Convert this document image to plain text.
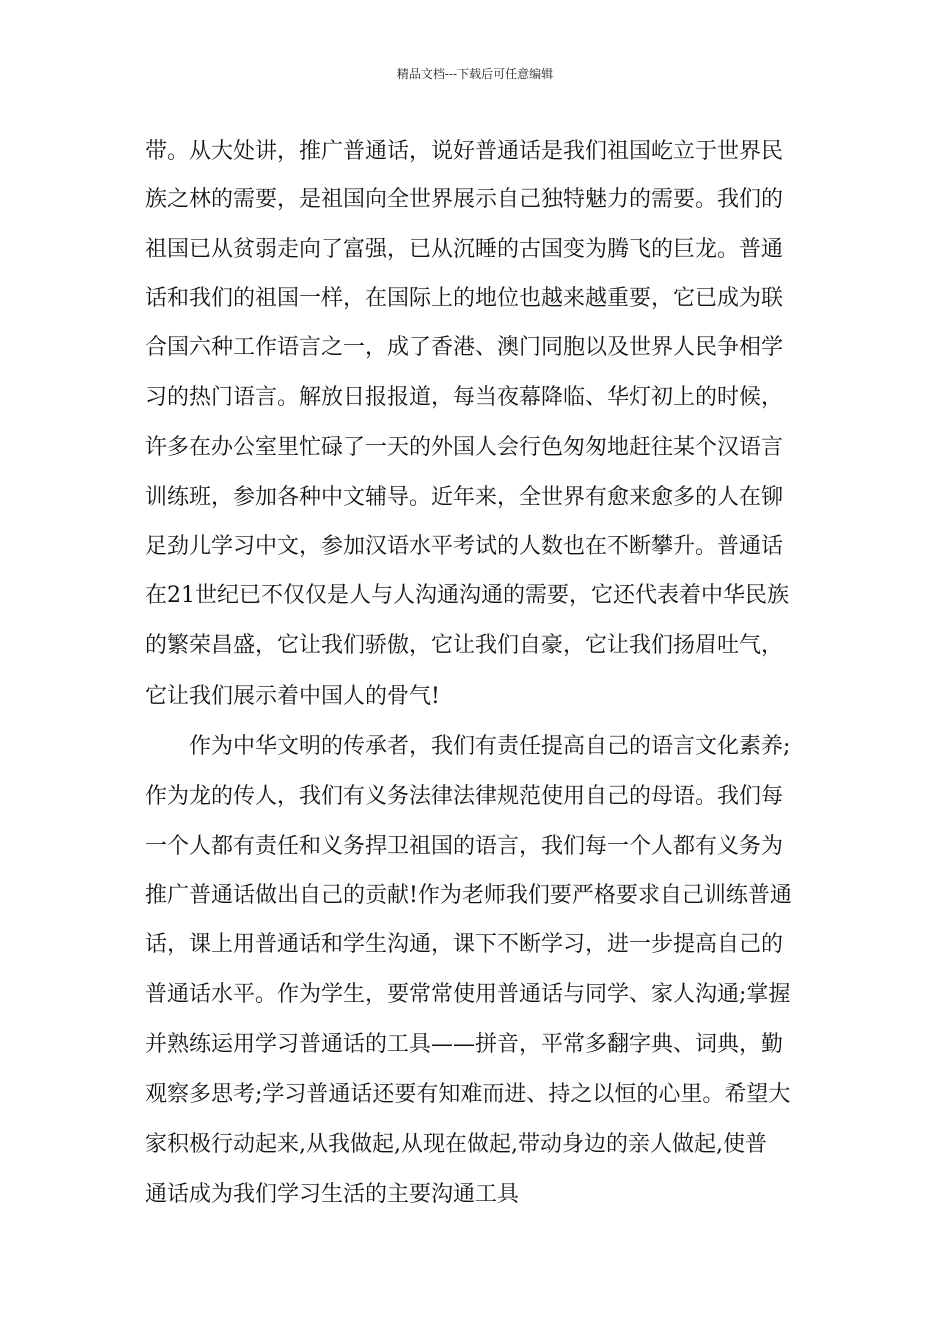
精品文档---下载后可任意编辑
带。从大处讲，推广普通话，说好普通话是我们祖国屹立于世界民
族之林的需要，是祖国向全世界展示自己独特魅力的需要。我们的
祖国已从贫弱走向了富强，已从沉睡的古国变为腾飞的巨龙。普通
话和我们的祖国一样，在国际上的地位也越来越重要，它已成为联
合国六种工作语言之一，成了香港、澳门同胞以及世界人民争相学
习的热门语言。解放日报报道，每当夜幕降临、华灯初上的时候，
许多在办公室里忙碌了一天的外国人会行色匆匆地赶往某个汉语言
训练班，参加各种中文辅导。近年来，全世界有愈来愈多的人在铆
足劲儿学习中文，参加汉语水平考试的人数也在不断攀升。普通话
在21世纪已不仅仅是人与人沟通沟通的需要，它还代表着中华民族
的繁荣昌盛，它让我们骄傲，它让我们自豪，它让我们扬眉吐气，
它让我们展示着中国人的骨气!
作为中华文明的传承者，我们有责任提高自己的语言文化素养;
作为龙的传人，我们有义务法律法律规范使用自己的母语。我们每
一个人都有责任和义务捍卫祖国的语言，我们每一个人都有义务为
推广普通话做出自己的贡献!作为老师我们要严格要求自己训练普通
话，课上用普通话和学生沟通，课下不断学习，进一步提高自己的
普通话水平。作为学生，要常常使用普通话与同学、家人沟通;掌握
并熟练运用学习普通话的工具——拼音，平常多翻字典、词典，勤
观察多思考;学习普通话还要有知难而进、持之以恒的心里。希望大
家积极行动起来,从我做起,从现在做起,带动身边的亲人做起,使普
通话成为我们学习生活的主要沟通工具
